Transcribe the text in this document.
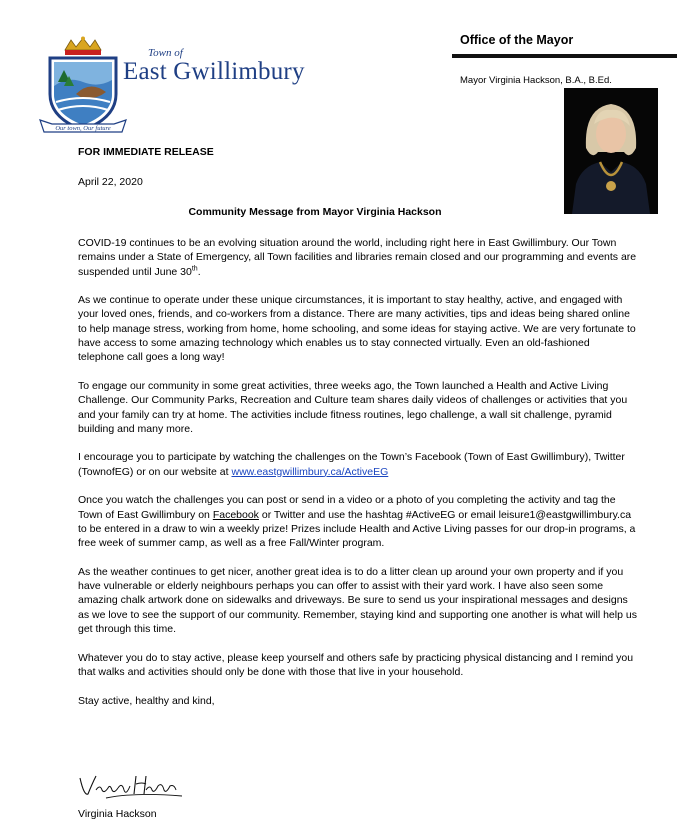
Our town, Our future
Town of
East Gwillimbury
Office of the Mayor
Mayor Virginia Hackson, B.A., B.Ed.
FOR IMMEDIATE RELEASE
April 22, 2020
Community Message from Mayor Virginia Hackson

COVID-19 continues to be an evolving situation around the world, including right here in East Gwillimbury. Our Town remains under a State of Emergency, all Town facilities and libraries remain closed and our programming and events are suspended until June 30th.

As we continue to operate under these unique circumstances, it is important to stay healthy, active, and engaged with your loved ones, friends, and co-workers from a distance. There are many activities, tips and ideas being shared online to help manage stress, working from home, home schooling, and some ideas for staying active. We are very fortunate to have access to some amazing technology which enables us to stay connected virtually. Even an old-fashioned telephone call goes a long way!

To engage our community in some great activities, three weeks ago, the Town launched a Health and Active Living Challenge. Our Community Parks, Recreation and Culture team shares daily videos of challenges or activities that you and your family can try at home. The activities include fitness routines, lego challenge, a wall sit challenge, pyramid building and many more.

I encourage you to participate by watching the challenges on the Town’s Facebook (Town of East Gwillimbury), Twitter (TownofEG) or on our website at www.eastgwillimbury.ca/ActiveEG

Once you watch the challenges you can post or send in a video or a photo of you completing the activity and tag the Town of East Gwillimbury on Facebook or Twitter and use the hashtag #ActiveEG or email leisure1@eastgwillimbury.ca to be entered in a draw to win a weekly prize! Prizes include Health and Active Living passes for our drop-in programs, a free week of summer camp, as well as a free Fall/Winter program.

As the weather continues to get nicer, another great idea is to do a litter clean up around your own property and if you have vulnerable or elderly neighbours perhaps you can offer to assist with their yard work. I have also seen some amazing chalk artwork done on sidewalks and driveways. Be sure to send us your inspirational messages and designs as we love to see the support of our community. Remember, staying kind and supporting one another is what will help us get through this time.

Whatever you do to stay active, please keep yourself and others safe by practicing physical distancing and I remind you that walks and activities should only be done with those that live in your household.

Stay active, healthy and kind,

Virginia Hackson
